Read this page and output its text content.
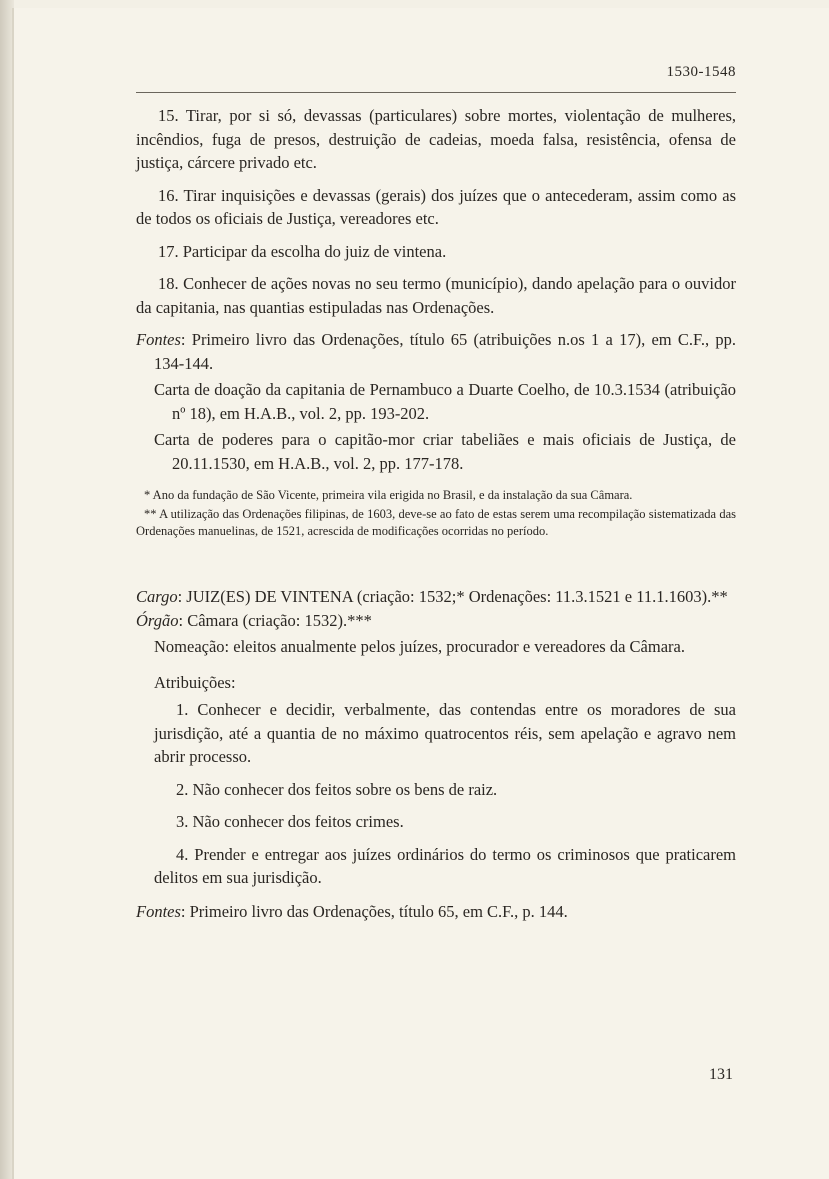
1530-1548

15. Tirar, por si só, devassas (particulares) sobre mortes, violentação de mulheres, incêndios, fuga de presos, destruição de cadeias, moeda falsa, resistência, ofensa de justiça, cárcere privado etc.

16. Tirar inquisições e devassas (gerais) dos juízes que o antecederam, assim como as de todos os oficiais de Justiça, vereadores etc.

17. Participar da escolha do juiz de vintena.

18. Conhecer de ações novas no seu termo (município), dando apelação para o ouvidor da capitania, nas quantias estipuladas nas Ordenações.

Fontes: Primeiro livro das Ordenações, título 65 (atribuições n.os 1 a 17), em C.F., pp. 134-144.

Carta de doação da capitania de Pernambuco a Duarte Coelho, de 10.3.1534 (atribuição nº 18), em H.A.B., vol. 2, pp. 193-202.

Carta de poderes para o capitão-mor criar tabeliães e mais oficiais de Justiça, de 20.11.1530, em H.A.B., vol. 2, pp. 177-178.

* Ano da fundação de São Vicente, primeira vila erigida no Brasil, e da instalação da sua Câmara.

** A utilização das Ordenações filipinas, de 1603, deve-se ao fato de estas serem uma recompilação sistematizada das Ordenações manuelinas, de 1521, acrescida de modificações ocorridas no período.

Cargo: JUIZ(ES) DE VINTENA (criação: 1532;* Ordenações: 11.3.1521 e 11.1.1603).**

Órgão: Câmara (criação: 1532).***

Nomeação: eleitos anualmente pelos juízes, procurador e vereadores da Câmara.

Atribuições:

1. Conhecer e decidir, verbalmente, das contendas entre os moradores de sua jurisdição, até a quantia de no máximo quatrocentos réis, sem apelação e agravo nem abrir processo.

2. Não conhecer dos feitos sobre os bens de raiz.

3. Não conhecer dos feitos crimes.

4. Prender e entregar aos juízes ordinários do termo os criminosos que praticarem delitos em sua jurisdição.

Fontes: Primeiro livro das Ordenações, título 65, em C.F., p. 144.

131
